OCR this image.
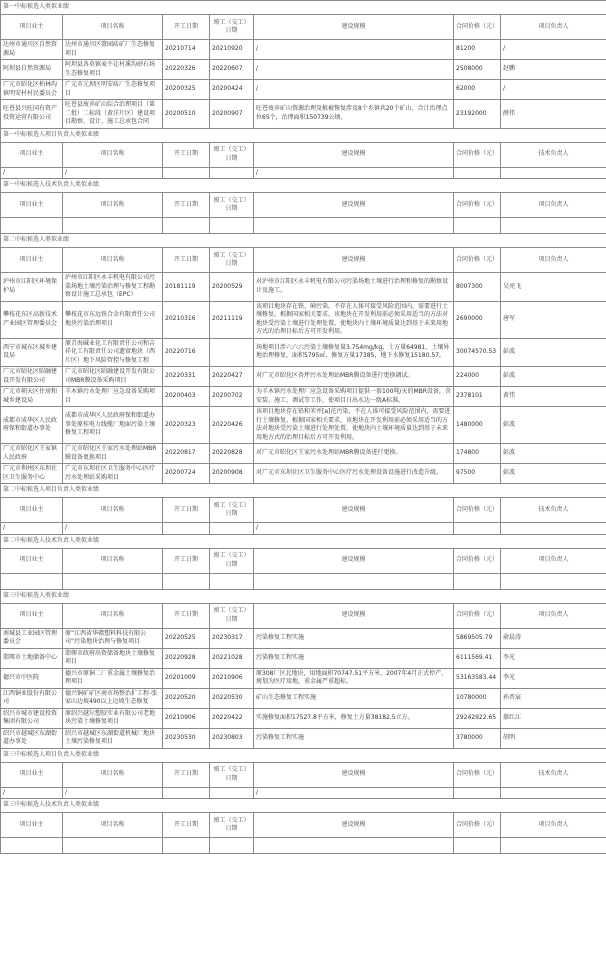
第一中标候选人类似业绩						
项目业主	项目名称	开工日期	竣工（交工）日期	建设规模	合同价格（元）	项目负责人
达州市通川区自然资源局	达州市通川区莆园砖矿厂生态修复项目	20210714	20210920	/	81200	/
阿坝县自然资源局	阿坝县各莫镇麦不让村溪沟砂石场生态修复项目	20220326	20220607	/	2508000	赵鹏
广元市昭化区柏林沟镇明安村村民委员会	广元市元坝区明安砖厂生态修复项目	20200325	20200424	/	62000	/
旺苍县兴旺国有资产投资运营有限公司	旺苍县废弃矿山综合治理项目（第二批）二标段（黄洋片区）建设项目勘察、设计、施工总承包合同	20200510	20200907	旺苍废弃矿山资源治理及植被恢复涉及8个乡镇共20个矿山，合计治理点位65个，治理面积150739公顷。	23192000	薛伟
第一中标候选人项目负责人类似业绩						
项目业主	项目名称	开工日期	竣工（交工）日期	建设规模	合同价格（元）	技术负责人
/	/			/		
第一中标候选人技术负责人类似业绩						
项目业主	项目名称	开工日期	竣工（交工）日期	建设规模	合同价格（元）	项目负责人

第二中标候选人类似业绩						
项目业主	项目名称	开工日期	竣工（交工）日期	建设规模	合同价格（元）	项目负责人
泸州市江阳区环境保护局	泸州市江阳区永丰机电有限公司污染场地土壤污染治理与修复工程勘察设计施工总承包（EPC）	20181119	20200529	对泸州市江阳区永丰机电有限公司污染场地土壤进行治理和修复的勘察设计及施工。	8007300	吴亮飞
攀枝花东区高新技术产业园区管理委员会	攀枝花市东远铁合金有限责任公司地块污染治理项目	20210316	20211119	该项目地块存在铁、砷污染，不存在人体可接受风险范围内，需要进行土壤修复。根据国家相关要求，该地块在开发利用前必须采用适当的方法对地块受污染土壤进行处理处置，使地块内土壤环境质量达到基于未来用地方式的治理目标后方可开发利用。	2690000	唐军
西宁市城东区城乡建设局	原青海碱业化工有限责任公司和吉祥化工有限责任公司遗留地块（西片区）地下风险管控与修复工程	20220716		场地项目涉六六六污染土壤修复量3.754mg/kg，土方量64981，土壤异地治理修复，面积5795㎡，修复方量17385，地下水修复15180.57。	30074570.53	彭波
广元市昭化区昭融建设开发有限公司	广元市昭化区昭融建设开发有限公司MBR膜设备采购项目	20220331	20220427	对广元市昭化区杏坪污水处理站MBR膜设备进行更换调试。	224000	彭波
广元市朝天区住房和城乡建设局	羊木镇污水处理厂应急设备采购项目	20200403	20200702	为羊木镇污水处理厂应急设备采购项目提供一套100吨/天的MBR设备，含安装、施工、调试等工作，使项目日出水达一级A标准。	2378101	黄伟
成都市成华区人民政府保和街道办事处	成都市成华区人民政府保和街道办事处原桂电力线缆厂地面污染土壤修复工程项目	20220323	20220426	该项目地块存在铅和苯并[a]芘污染，不在人体可接受风险范围内，需要进行土壤修复。根据国家相关要求，该地块在开发利用前必须采用适当的方法对地块受污染土壤进行处理处置，使地块内土壤环境质量达到基于未来用地方式的治理目标后方可开发利用。	1480000	彭波
广元市昭化区王家镇人民政府	广元市昭化区王家污水处理站MBR膜设备更换项目	20220817	20220828	对广元市昭化区王家污水处理站MBR膜设备进行更换。	174800	彭波
广元市利州区东坝社区卫生服务中心	广元市东坝社区卫生服务中心医疗污水处理站采购项目	20200724	20200908	对广元市东坝社区卫生服务中心医疗污水处理设备设施进行改造升级。	97500	彭波
第二中标候选人项目负责人类似业绩						
项目业主	项目名称	开工日期	竣工（交工）日期	建设规模	合同价格（元）	技术负责人
/	/			/		
第二中标候选人技术负责人类似业绩						
项目业主	项目名称	开工日期	竣工（交工）日期	建设规模	合同价格（元）	项目负责人

第三中标候选人类似业绩						
项目业主	项目名称	开工日期	竣工（交工）日期	建设规模	合同价格（元）	项目负责人
南城县工业园区管理委员会	原“江西省华赣塑料科技有限公司”污染地块治理与修复项目	20220525	20230317	污染修复工程实施	5869505.79	俞晨涛
邯郸市土地储备中心	邯郸市政府出资储备地块土壤修复项目	20220928	20221028	污染修复工程实施	6111569.41	李光
德兴市中医院	德兴市原铜二厂重金属土壤修复治理项目	20201009	20210906	原308厂区北地块，用地面积70747.51平方米，2007年4月正式停产，规划为医疗用地，重金属严重超标。	53163583.44	李光
江西铜业股份有限公司	德兴铜矿矿区南市场整治扩工程-张家山边坡490以上边坡生态修复	20220520	20220530	矿山生态修复工程实施	10780000	孙晋宸
绍兴市城市建设投资集团有限公司	原绍兴越尔塑胶实业有限公司老地块污染土壤修复项目	20210906	20220422	实施修复面积17527.8平方米，修复土方量38182.5立方。	29242922.65	郝红江
绍兴市越城区东湖街道办事处	绍兴市越城区东湖街道机械厂地块土壤污染修复项目	20230530	20230803	污染修复工程实施	3780000	胡明
第三中标候选人项目负责人类似业绩						
项目业主	项目名称	开工日期	竣工（交工）日期	建设规模	合同价格（元）	技术负责人
/	/			/		
第三中标候选人技术负责人类似业绩						
项目业主	项目名称	开工日期	竣工（交工）日期	建设规模	合同价格（元）	项目负责人
